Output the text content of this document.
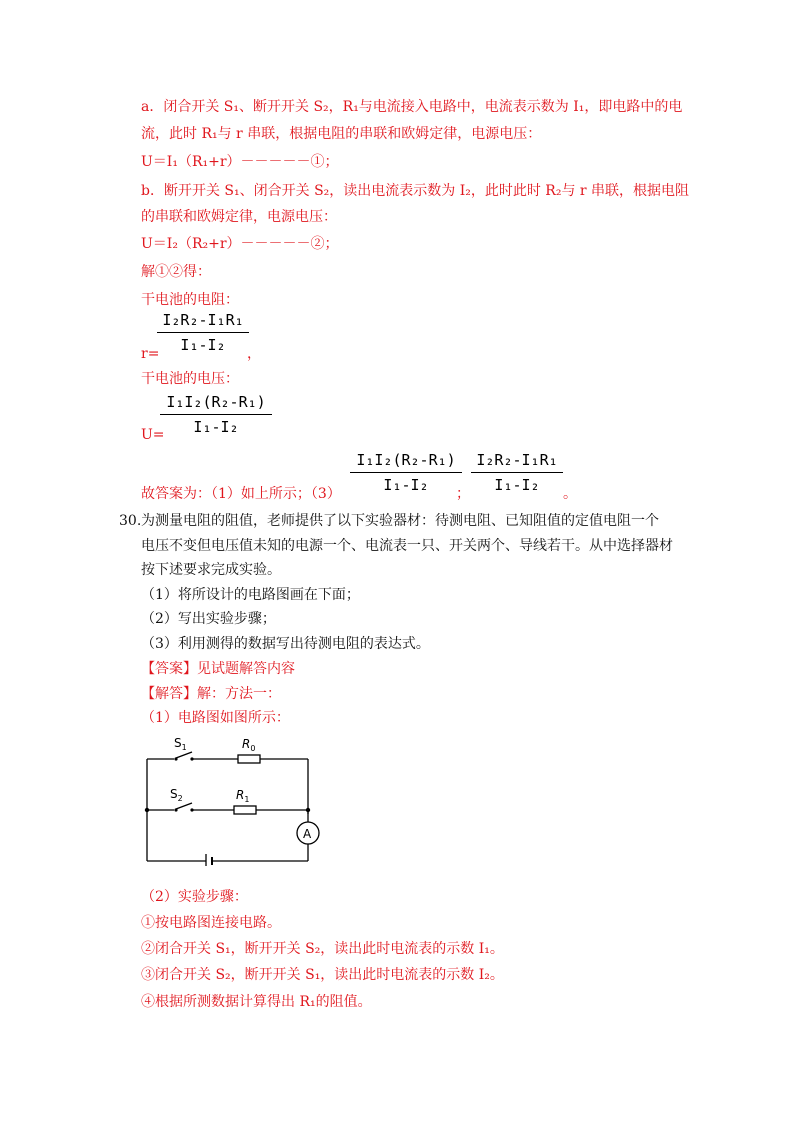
a．闭合开关 S₁、断开开关 S₂，R₁与电流接入电路中，电流表示数为 I₁，即电路中的电
流，此时 R₁与 r 串联，根据电阻的串联和欧姆定律，电源电压：
U＝I₁（R₁+r）－－－－－①；
b．断开开关 S₁、闭合开关 S₂，读出电流表示数为 I₂，此时此时 R₂与 r 串联，根据电阻
的串联和欧姆定律，电源电压：
U＝I₂（R₂+r）－－－－－②；
解①②得：
干电池的电阻：
r=
I₂R₂-I₁R₁
I₁-I₂	，
干电池的电压：
U=
I₁I₂(R₂-R₁)
I₁-I₂
故答案为：（1）如上所示；（3）
I₁I₂(R₂-R₁)
I₁-I₂	；
I₂R₂-I₁R₁
I₁-I₂	。
30. 为测量电阻的阻值，老师提供了以下实验器材：待测电阻、已知阻值的定值电阻一个
电压不变但电压值未知的电源一个、电流表一只、开关两个、导线若干。从中选择器材
按下述要求完成实验。
（1）将所设计的电路图画在下面；
（2）写出实验步骤；
（3）利用测得的数据写出待测电阻的表达式。
【答案】见试题解答内容
【解答】解：方法一：
（1）电路图如图所示：
$S_1$	$R_0$
$S_2$	$R_1$
A
（2）实验步骤：
①按电路图连接电路。
②闭合开关 S₁，断开开关 S₂，读出此时电流表的示数 I₁。
③闭合开关 S₂，断开开关 S₁，读出此时电流表的示数 I₂。
④根据所测数据计算得出 R₁的阻值。
